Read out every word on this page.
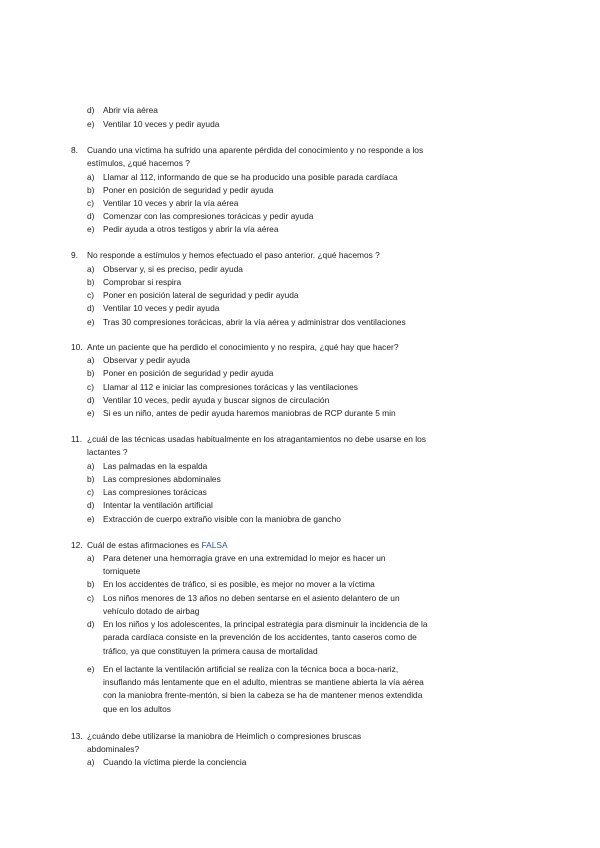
d) Abrir vía aérea
e) Ventilar 10 veces y pedir ayuda
8. Cuando una víctima ha sufrido una aparente pérdida del conocimiento y no responde a los
estímulos, ¿qué hacemos ?
a) Llamar al 112, informando de que se ha producido una posible parada cardíaca
b) Poner en posición de seguridad y pedir ayuda
c) Ventilar 10 veces y abrir la vía aérea
d) Comenzar con las compresiones torácicas y pedir ayuda
e) Pedir ayuda a otros testigos y abrir la vía aérea
9. No responde a estímulos y hemos efectuado el paso anterior. ¿qué hacemos ?
a) Observar y, si es preciso, pedir ayuda
b) Comprobar si respira
c) Poner en posición lateral de seguridad y pedir ayuda
d) Ventilar 10 veces y pedir ayuda
e) Tras 30 compresiones torácicas, abrir la vía aérea y administrar dos ventilaciones
10. Ante un paciente que ha perdido el conocimiento y no respira, ¿qué hay que hacer?
a) Observar y pedir ayuda
b) Poner en posición de seguridad y pedir ayuda
c) Llamar al 112 e iniciar las compresiones torácicas y las ventilaciones
d) Ventilar 10 veces, pedir ayuda y buscar signos de circulación
e) Si es un niño, antes de pedir ayuda haremos maniobras de RCP durante 5 min
11. ¿cuál de las técnicas usadas habitualmente en los atragantamientos no debe usarse en los
lactantes ?
a) Las palmadas en la espalda
b) Las compresiones abdominales
c) Las compresiones torácicas
d) Intentar la ventilación artificial
e) Extracción de cuerpo extraño visible con la maniobra de gancho
12. Cuál de estas afirmaciones es FALSA
a) Para detener una hemorragia grave en una extremidad lo mejor es hacer un
torniquete
b) En los accidentes de tráfico, si es posible, es mejor no mover a la víctima
c) Los niños menores de 13 años no deben sentarse en el asiento delantero de un
vehículo dotado de airbag
d) En los niños y los adolescentes, la principal estrategia para disminuir la incidencia de la
parada cardíaca consiste en la prevención de los accidentes, tanto caseros como de
tráfico, ya que constituyen la primera causa de mortalidad
e) En el lactante la ventilación artificial se realiza con la técnica boca a boca-nariz,
insuflando más lentamente que en el adulto, mientras se mantiene abierta la vía aérea
con la maniobra frente-mentón, si bien la cabeza se ha de mantener menos extendida
que en los adultos
13. ¿cuándo debe utilizarse la maniobra de Heimlich o compresiones bruscas
abdominales?
a) Cuando la víctima pierde la conciencia
